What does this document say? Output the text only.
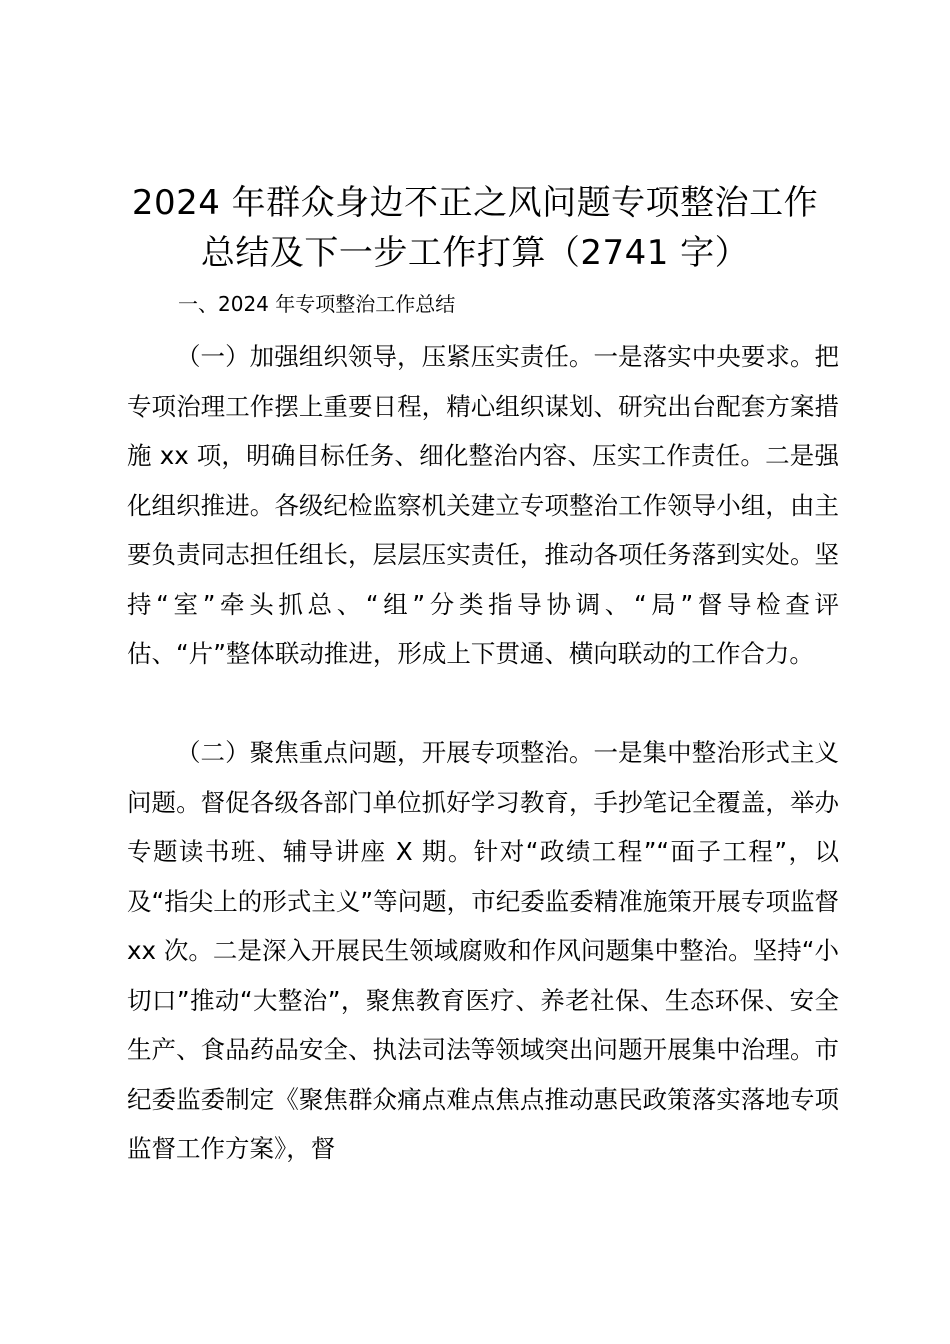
2024 年群众身边不正之风问题专项整治工作
总结及下一步工作打算（2741 字）
一、2024 年专项整治工作总结

（一）加强组织领导，压紧压实责任。一是落实中央要求。把专项治理工作摆上重要日程，精心组织谋划、研究出台配套方案措施 xx 项，明确目标任务、细化整治内容、压实工作责任。二是强化组织推进。各级纪检监察机关建立专项整治工作领导小组，由主要负责同志担任组长，层层压实责任，推动各项任务落到实处。坚持“室”牵头抓总、“组”分类指导协调、“局”督导检查评估、“片”整体联动推进，形成上下贯通、横向联动的工作合力。

（二）聚焦重点问题，开展专项整治。一是集中整治形式主义问题。督促各级各部门单位抓好学习教育，手抄笔记全覆盖，举办专题读书班、辅导讲座 X 期。针对“政绩工程”“面子工程”，以及“指尖上的形式主义”等问题，市纪委监委精准施策开展专项监督 xx 次。二是深入开展民生领域腐败和作风问题集中整治。坚持“小切口”推动“大整治”，聚焦教育医疗、养老社保、生态环保、安全生产、食品药品安全、执法司法等领域突出问题开展集中治理。市纪委监委制定《聚焦群众痛点难点焦点推动惠民政策落实落地专项监督工作方案》，督
